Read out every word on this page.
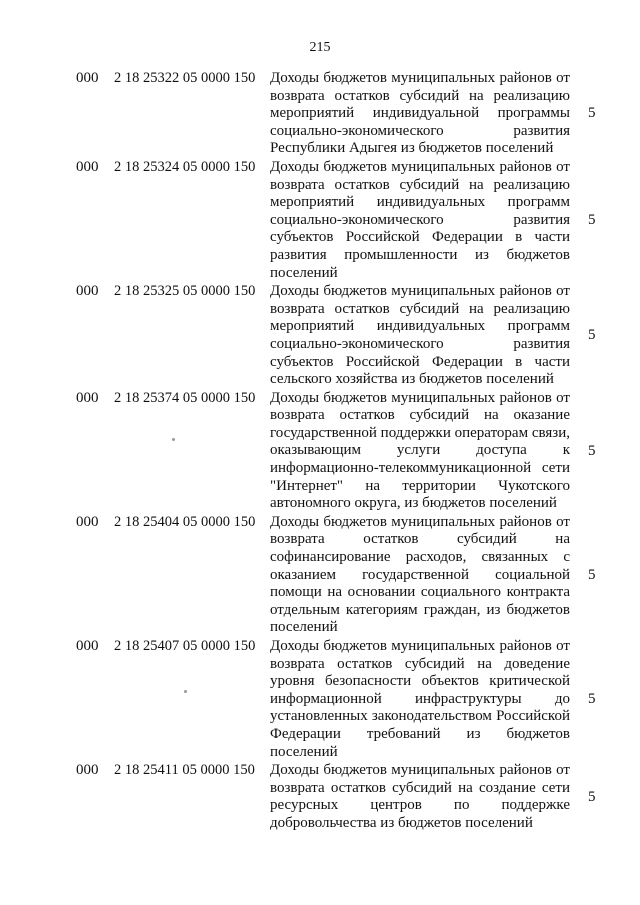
215
000	2 18 25322 05 0000 150 Доходы бюджетов муниципальных районов от возврата остатков субсидий на реализацию мероприятий индивидуальной программы социально-экономического развития Республики Адыгея из бюджетов поселений
5
000	2 18 25324 05 0000 150 Доходы бюджетов муниципальных районов от возврата остатков субсидий на реализацию мероприятий индивидуальных программ социально-экономического развития субъектов Российской Федерации в части развития промышленности из бюджетов поселений
5
000	2 18 25325 05 0000 150 Доходы бюджетов муниципальных районов от возврата остатков субсидий на реализацию мероприятий индивидуальных программ социально-экономического развития субъектов Российской Федерации в части сельского хозяйства из бюджетов поселений
5
000	2 18 25374 05 0000 150 Доходы бюджетов муниципальных районов от возврата остатков субсидий на оказание государственной поддержки операторам связи, оказывающим услуги доступа к информационно-телекоммуникационной сети "Интернет" на территории Чукотского автономного округа, из бюджетов поселений
5
000	2 18 25404 05 0000 150 Доходы бюджетов муниципальных районов от возврата остатков субсидий на софинансирование расходов, связанных с оказанием государственной социальной помощи на основании социального контракта отдельным категориям граждан, из бюджетов поселений
5
000	2 18 25407 05 0000 150 Доходы бюджетов муниципальных районов от возврата остатков субсидий на доведение уровня безопасности объектов критической информационной инфраструктуры до установленных законодательством Российской Федерации требований из бюджетов поселений
5
000	2 18 25411 05 0000 150	Доходы бюджетов муниципальных районов от возврата остатков субсидий на создание сети ресурсных центров по поддержке добровольчества из бюджетов поселений
5
